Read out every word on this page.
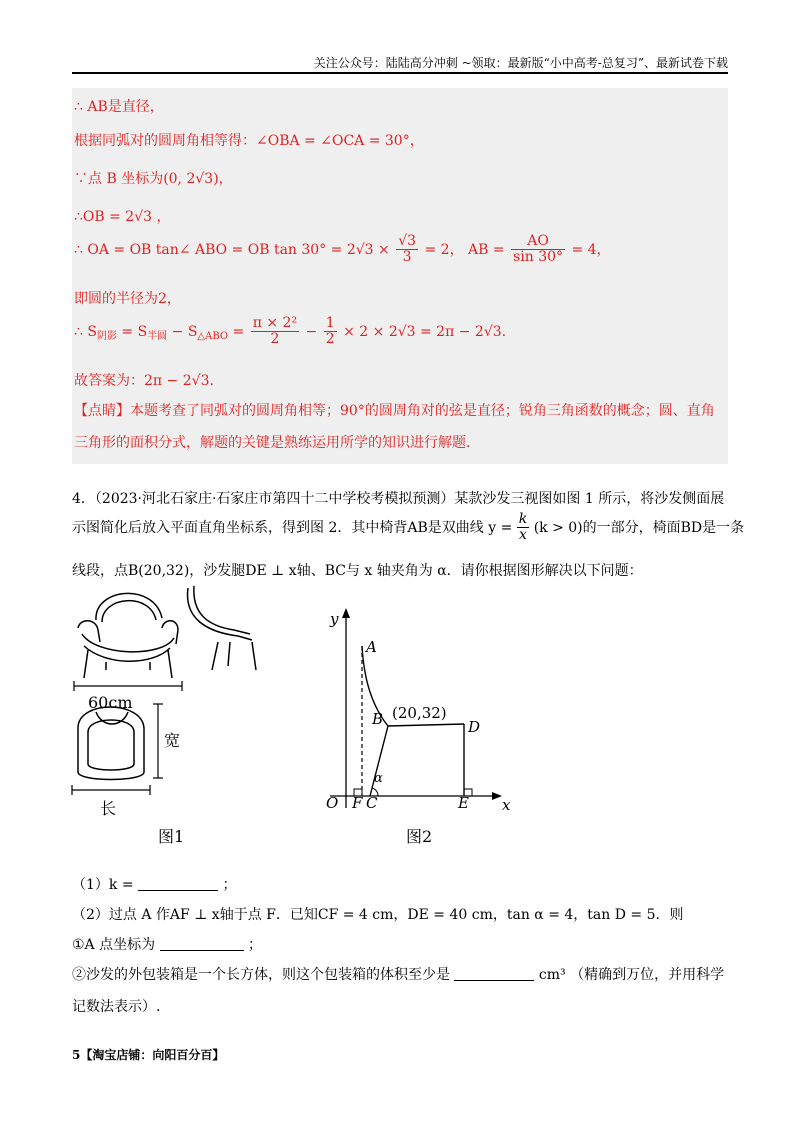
关注公众号：陆陆高分冲刺 ~领取：最新版“小中高考-总复习”、最新试卷下载
∴ AB是直径，
根据同弧对的圆周角相等得：∠OBA = ∠OCA = 30°，
∵点 B 坐标为(0, 2√3)，
∴OB = 2√3 ，
∴ OA = OB tan∠ ABO = OB $\tan 30^\circ = 2√3 \times \frac{√3}{3} = 2$， AB = $\frac{AO}{\sin 30^\circ} = 4$，
即圆的半径为2，
∴ $S_{阴影} = S_{半圆} - S_{\triangle ABO} = \frac{\text{π × 2²}}{2} - \frac{1}{2} \times 2 \times 2√3 = 2\pi - 2√3$.
故答案为：2π − 2√3.
【点睛】本题考查了同弧对的圆周角相等；90°的圆周角对的弦是直径；锐角三角函数的概念；圆、直角
三角形的面积分式，解题的关键是熟练运用所学的知识进行解题.
4．（2023·河北石家庄·石家庄市第四十二中学校考模拟预测）某款沙发三视图如图 1 所示，将沙发侧面展
示图简化后放入平面直角坐标系，得到图 2．其中椅背AB是双曲线 $y = \frac{k}{x} (k > 0)$的一部分，椅面BD是一条
线段，点B(20,32)，沙发腿DE ⊥ x轴、BC与 x 轴夹角为 α．请你根据图形解决以下问题：
60cm
宽
长
图1
y
x
A
B (20,32)
D
O F C	E
α
图2
（1）k =	；
（2）过点 A 作AF ⊥ x轴于点 F．已知CF = 4 cm，DE = 40 cm，tan α = 4，tan D = 5．则
①A 点坐标为	；
②沙发的外包装箱是一个长方体，则这个包装箱的体积至少是	cm³ （精确到万位，并用科学
记数法表示）.
5【淘宝店铺：向阳百分百】
